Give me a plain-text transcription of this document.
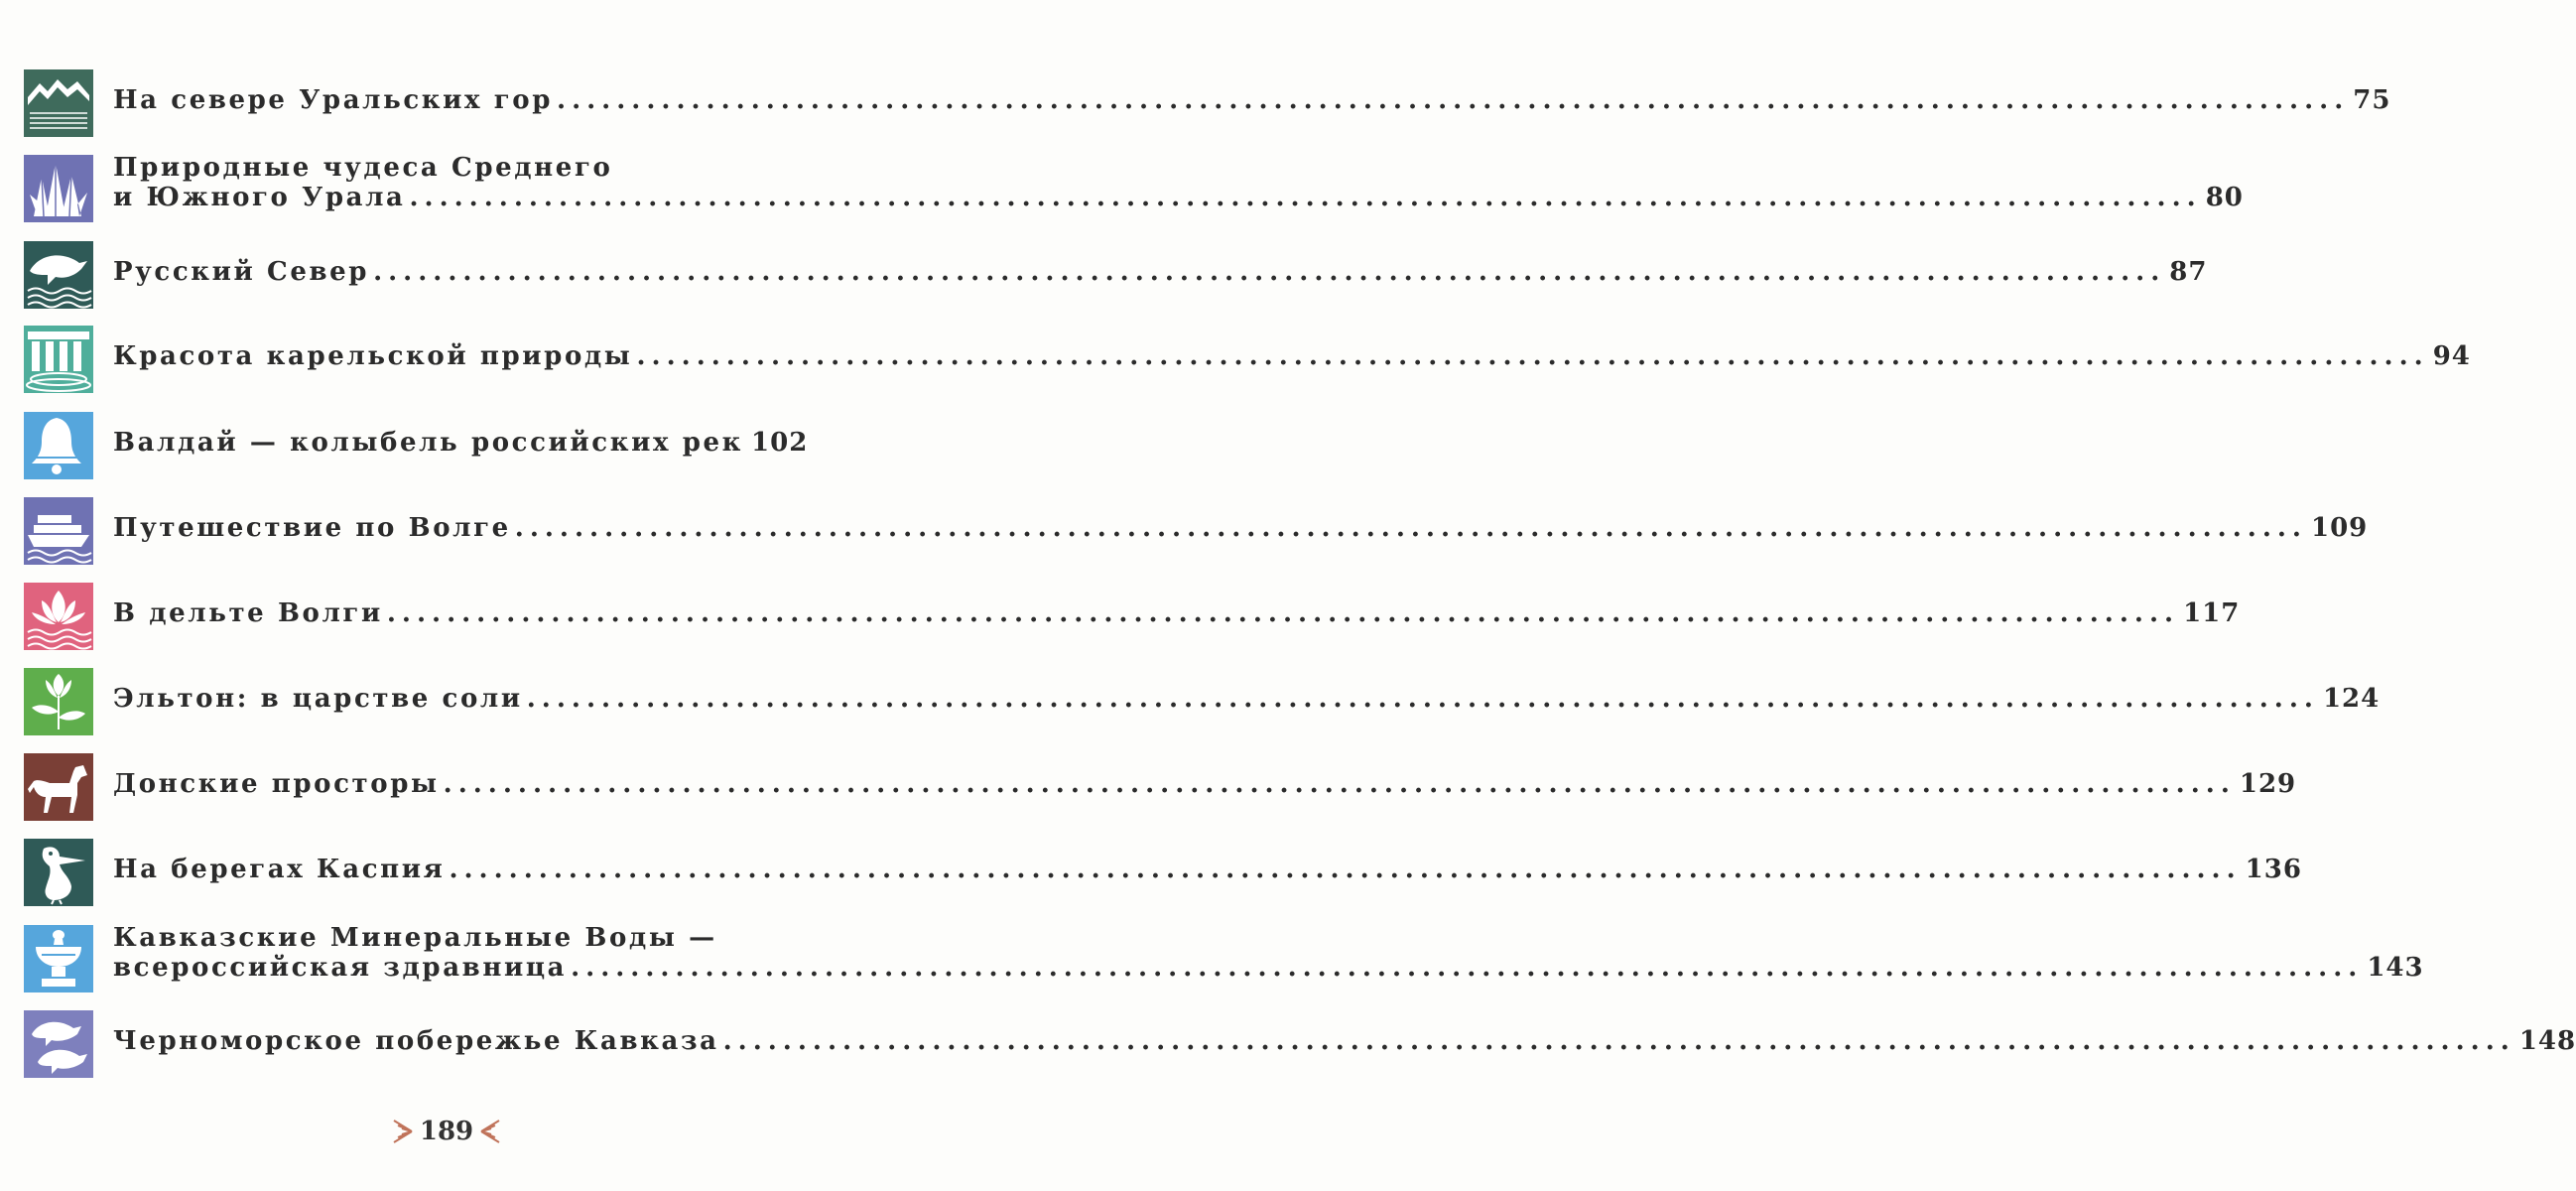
На севере Уральских гор ........................................................................................................................ 75
Природные чудеса Среднего
и Южного Урала ........................................................................................................................ 80
Русский Север ........................................................................................................................ 87
Красота карельской природы ........................................................................................................................ 94
Валдай — колыбель российских рек 102
Путешествие по Волге ........................................................................................................................ 109
В дельте Волги ........................................................................................................................ 117
Эльтон: в царстве соли ........................................................................................................................ 124
Донские просторы ........................................................................................................................ 129
На берегах Каспия ........................................................................................................................ 136
Кавказские Минеральные Воды —
всероссийская здравница ........................................................................................................................ 143
Черноморское побережье Кавказа ........................................................................................................................ 148
189
